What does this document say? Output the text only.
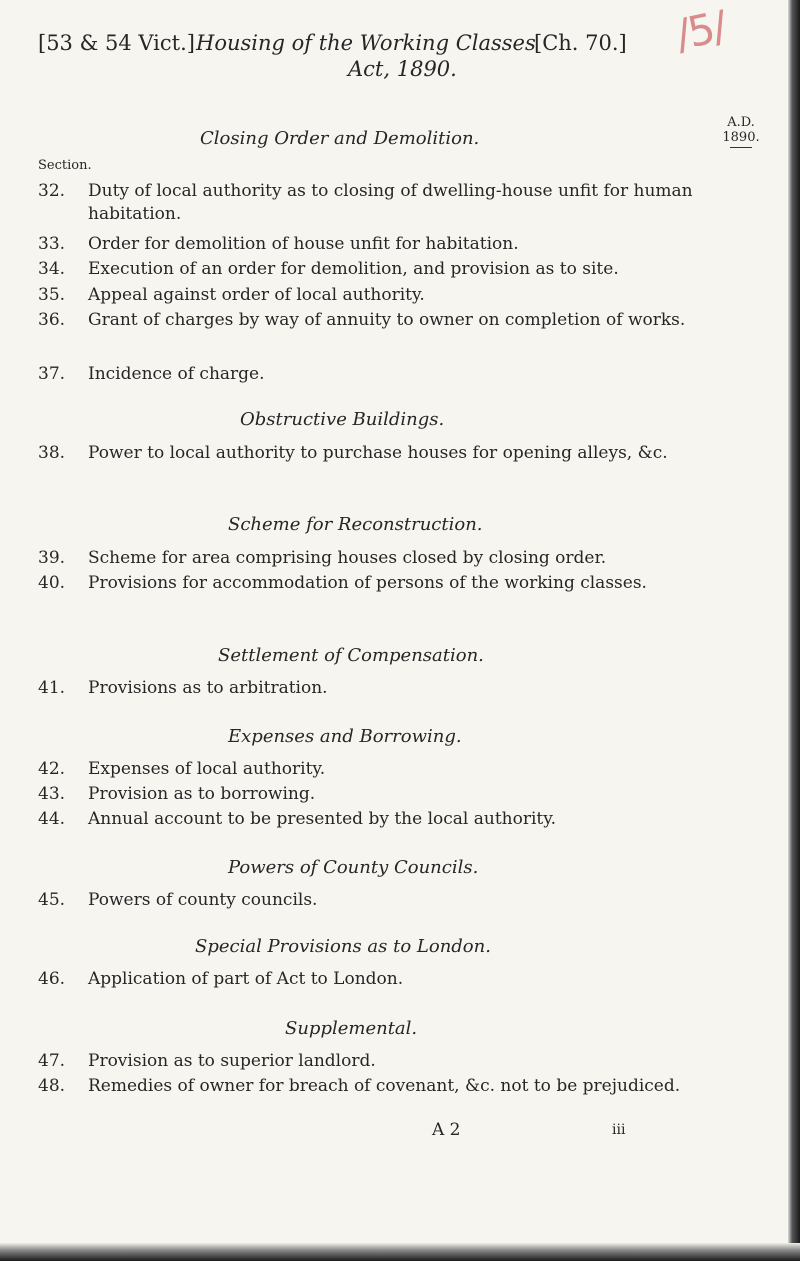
/5/
[53 & 54 Vict.] Housing of the Working Classes
[Ch. 70.]
Act, 1890.
A.D. 1890.
Section.
Closing Order and Demolition.
32.	Duty of local authority as to closing of dwelling-house unfit for human habitation.
33.	Order for demolition of house unfit for habitation.
34.	Execution of an order for demolition, and provision as to site.
35.	Appeal against order of local authority.
36.	Grant of charges by way of annuity to owner on completion of works.
37.	Incidence of charge.
Obstructive Buildings.
38.	Power to local authority to purchase houses for opening alleys, &c.
Scheme for Reconstruction.
39.	Scheme for area comprising houses closed by closing order.
40.	Provisions for accommodation of persons of the working classes.
Settlement of Compensation.
41.	Provisions as to arbitration.
Expenses and Borrowing.
42.	Expenses of local authority.
43.	Provision as to borrowing.
44.	Annual account to be presented by the local authority.
Powers of County Councils.
45.	Powers of county councils.
Special Provisions as to London.
46.	Application of part of Act to London.
Supplemental.
47.	Provision as to superior landlord.
48.	Remedies of owner for breach of covenant, &c. not to be prejudiced.
A 2	iii
